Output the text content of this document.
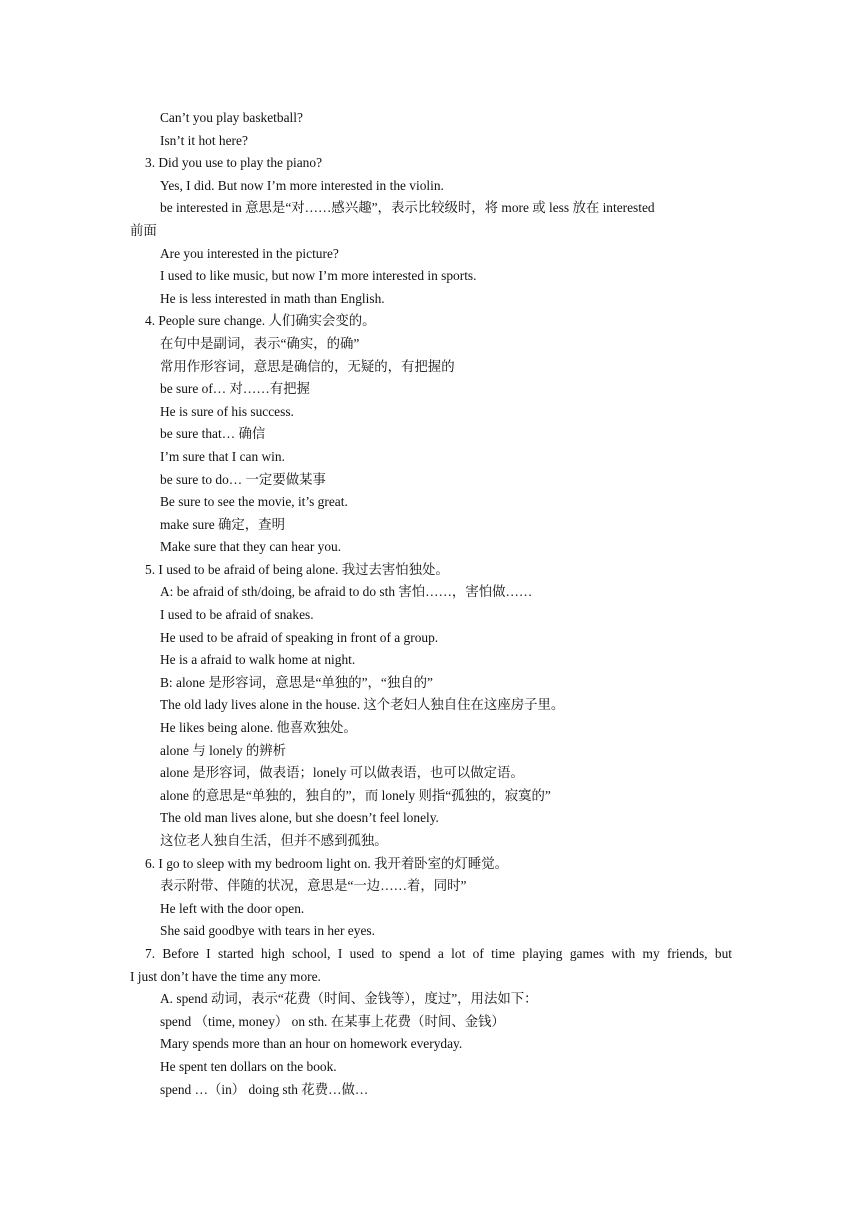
Can’t you play basketball?
Isn’t it hot here?
3. Did you use to play the piano?
Yes, I did. But now I’m more interested in the violin.
be interested in 意思是“对……感兴趣”，表示比较级时，将 more 或 less 放在 interested
前面
Are you interested in the picture?
I used to like music, but now I’m more interested in sports.
He is less interested in math than English.
4. People sure change. 人们确实会变的。
在句中是副词，表示“确实，的确”
常用作形容词，意思是确信的，无疑的，有把握的
be sure of… 对……有把握
He is sure of his success.
be sure that… 确信
I’m sure that I can win.
be sure to do… 一定要做某事
Be sure to see the movie, it’s great.
make sure 确定，查明
Make sure that they can hear you.
5. I used to be afraid of being alone. 我过去害怕独处。
A: be afraid of sth/doing, be afraid to do sth 害怕……，害怕做……
I used to be afraid of snakes.
He used to be afraid of speaking in front of a group.
He is a afraid to walk home at night.
B: alone 是形容词，意思是“单独的”，“独自的”
The old lady lives alone in the house. 这个老妇人独自住在这座房子里。
He likes being alone. 他喜欢独处。
alone 与 lonely 的辨析
alone 是形容词，做表语；lonely 可以做表语，也可以做定语。
alone 的意思是“单独的，独自的”，而 lonely 则指“孤独的，寂寞的”
The old man lives alone, but she doesn’t feel lonely.
这位老人独自生活，但并不感到孤独。
6. I go to sleep with my bedroom light on. 我开着卧室的灯睡觉。
表示附带、伴随的状况，意思是“一边……着，同时”
He left with the door open.
She said goodbye with tears in her eyes.
7. Before I started high school, I used to spend a lot of time playing games with my friends, but
I just don’t have the time any more.
A. spend 动词，表示“花费（时间、金钱等），度过”，用法如下：
spend （time, money） on sth. 在某事上花费（时间、金钱）
Mary spends more than an hour on homework everyday.
He spent ten dollars on the book.
spend …（in） doing sth 花费…做…
